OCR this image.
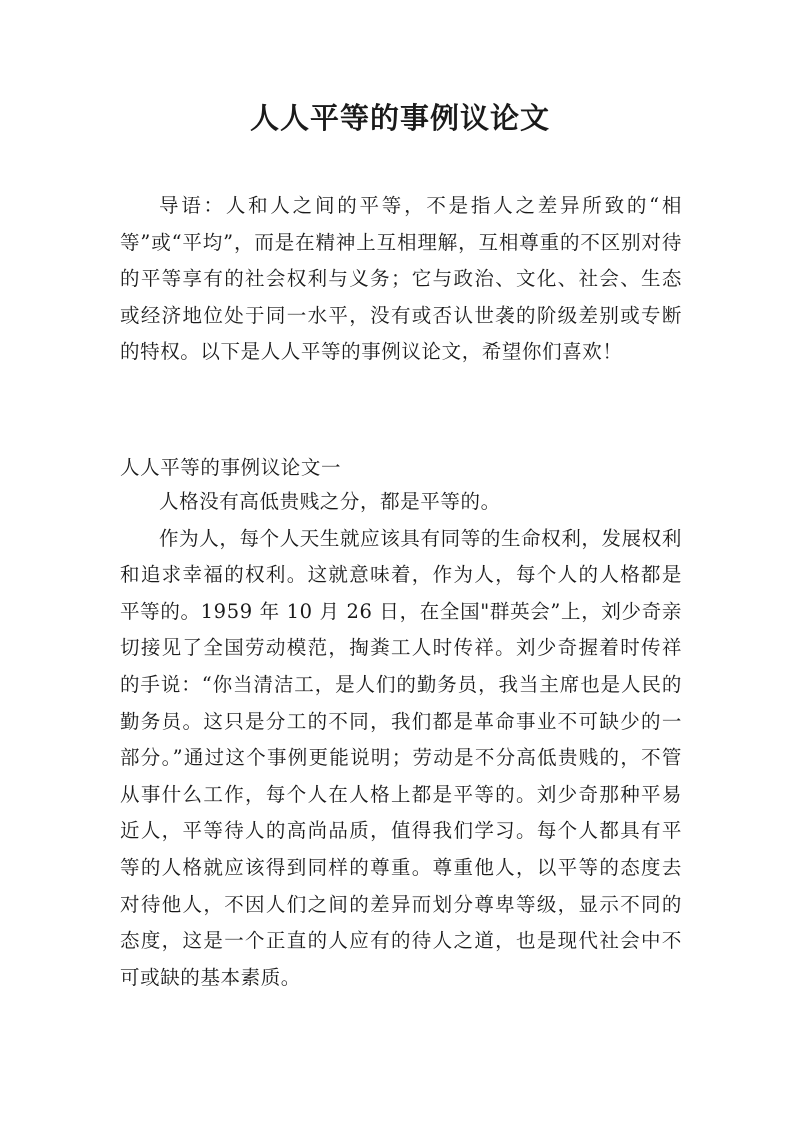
人人平等的事例议论文

导语：人和人之间的平等，不是指人之差异所致的“相等”或“平均”，而是在精神上互相理解，互相尊重的不区别对待的平等享有的社会权利与义务；它与政治、文化、社会、生态或经济地位处于同一水平，没有或否认世袭的阶级差别或专断的特权。以下是人人平等的事例议论文，希望你们喜欢！

人人平等的事例议论文一

人格没有高低贵贱之分，都是平等的。

作为人，每个人天生就应该具有同等的生命权利，发展权利和追求幸福的权利。这就意味着，作为人，每个人的人格都是平等的。1959 年 10 月 26 日，在全国"群英会”上，刘少奇亲切接见了全国劳动模范，掏粪工人时传祥。刘少奇握着时传祥的手说：“你当清洁工，是人们的勤务员，我当主席也是人民的勤务员。这只是分工的不同，我们都是革命事业不可缺少的一部分。”通过这个事例更能说明；劳动是不分高低贵贱的，不管从事什么工作，每个人在人格上都是平等的。刘少奇那种平易近人，平等待人的高尚品质，值得我们学习。每个人都具有平等的人格就应该得到同样的尊重。尊重他人，以平等的态度去对待他人，不因人们之间的差异而划分尊卑等级，显示不同的态度，这是一个正直的人应有的待人之道，也是现代社会中不可或缺的基本素质。
